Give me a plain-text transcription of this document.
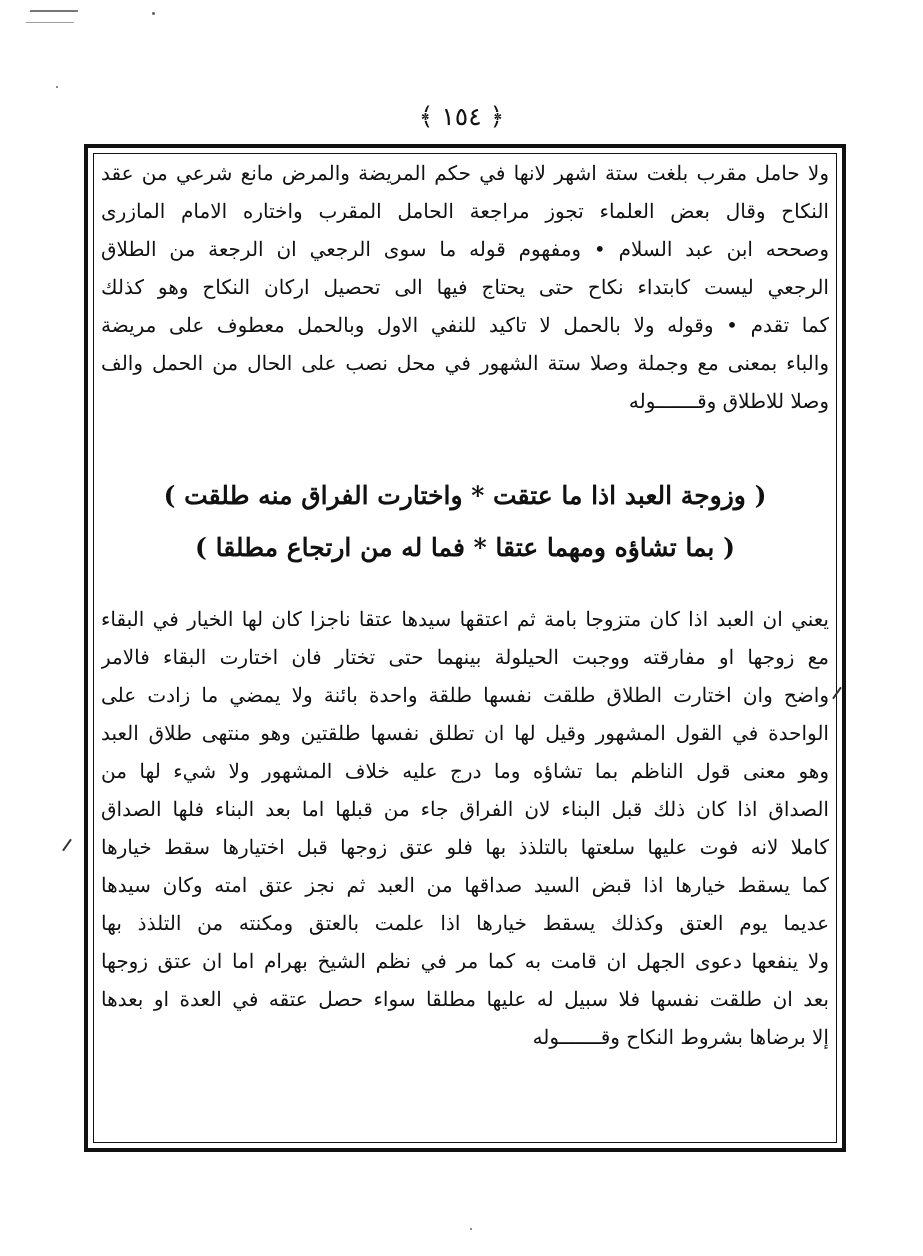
﴿ ١٥٤ ﴾
ولا حامل مقرب بلغت ستة اشهر لانها في حكم المريضة والمرض مانع شرعي من عقد
النكاح وقال بعض العلماء تجوز مراجعة الحامل المقرب واختاره الامام المازرى
وصححه ابن عبد السلام • ومفهوم قوله ما سوى الرجعي ان الرجعة من الطلاق
الرجعي ليست كابتداء نكاح حتى يحتاج فيها الى تحصيل اركان النكاح وهو كذلك
كما تقدم • وقوله ولا بالحمل لا تاكيد للنفي الاول وبالحمل معطوف على مريضة
والباء بمعنى مع وجملة وصلا ستة الشهور في محل نصب على الحال من الحمل والف
وصلا للاطلاق وقـــــــوله
( وزوجة العبد اذا ما عتقت * واختارت الفراق منه طلقت )
( بما تشاؤه ومهما عتقا * فما له من ارتجاع مطلقا )
يعني ان العبد اذا كان متزوجا بامة ثم اعتقها سيدها عتقا ناجزا كان لها الخيار في البقاء
مع زوجها او مفارقته ووجبت الحيلولة بينهما حتى تختار فان اختارت البقاء فالامر
واضح وان اختارت الطلاق طلقت نفسها طلقة واحدة بائنة ولا يمضي ما زادت على
الواحدة في القول المشهور وقيل لها ان تطلق نفسها طلقتين وهو منتهى طلاق العبد
وهو معنى قول الناظم بما تشاؤه وما درج عليه خلاف المشهور ولا شيء لها من
الصداق اذا كان ذلك قبل البناء لان الفراق جاء من قبلها اما بعد البناء فلها الصداق
كاملا لانه فوت عليها سلعتها بالتلذذ بها فلو عتق زوجها قبل اختيارها سقط خيارها
كما يسقط خيارها اذا قبض السيد صداقها من العبد ثم نجز عتق امته وكان سيدها
عديما يوم العتق وكذلك يسقط خيارها اذا علمت بالعتق ومكنته من التلذذ بها
ولا ينفعها دعوى الجهل ان قامت به كما مر في نظم الشيخ بهرام اما ان عتق زوجها
بعد ان طلقت نفسها فلا سبيل له عليها مطلقا سواء حصل عتقه في العدة او بعدها
إلا برضاها بشروط النكاح وقـــــــوله
